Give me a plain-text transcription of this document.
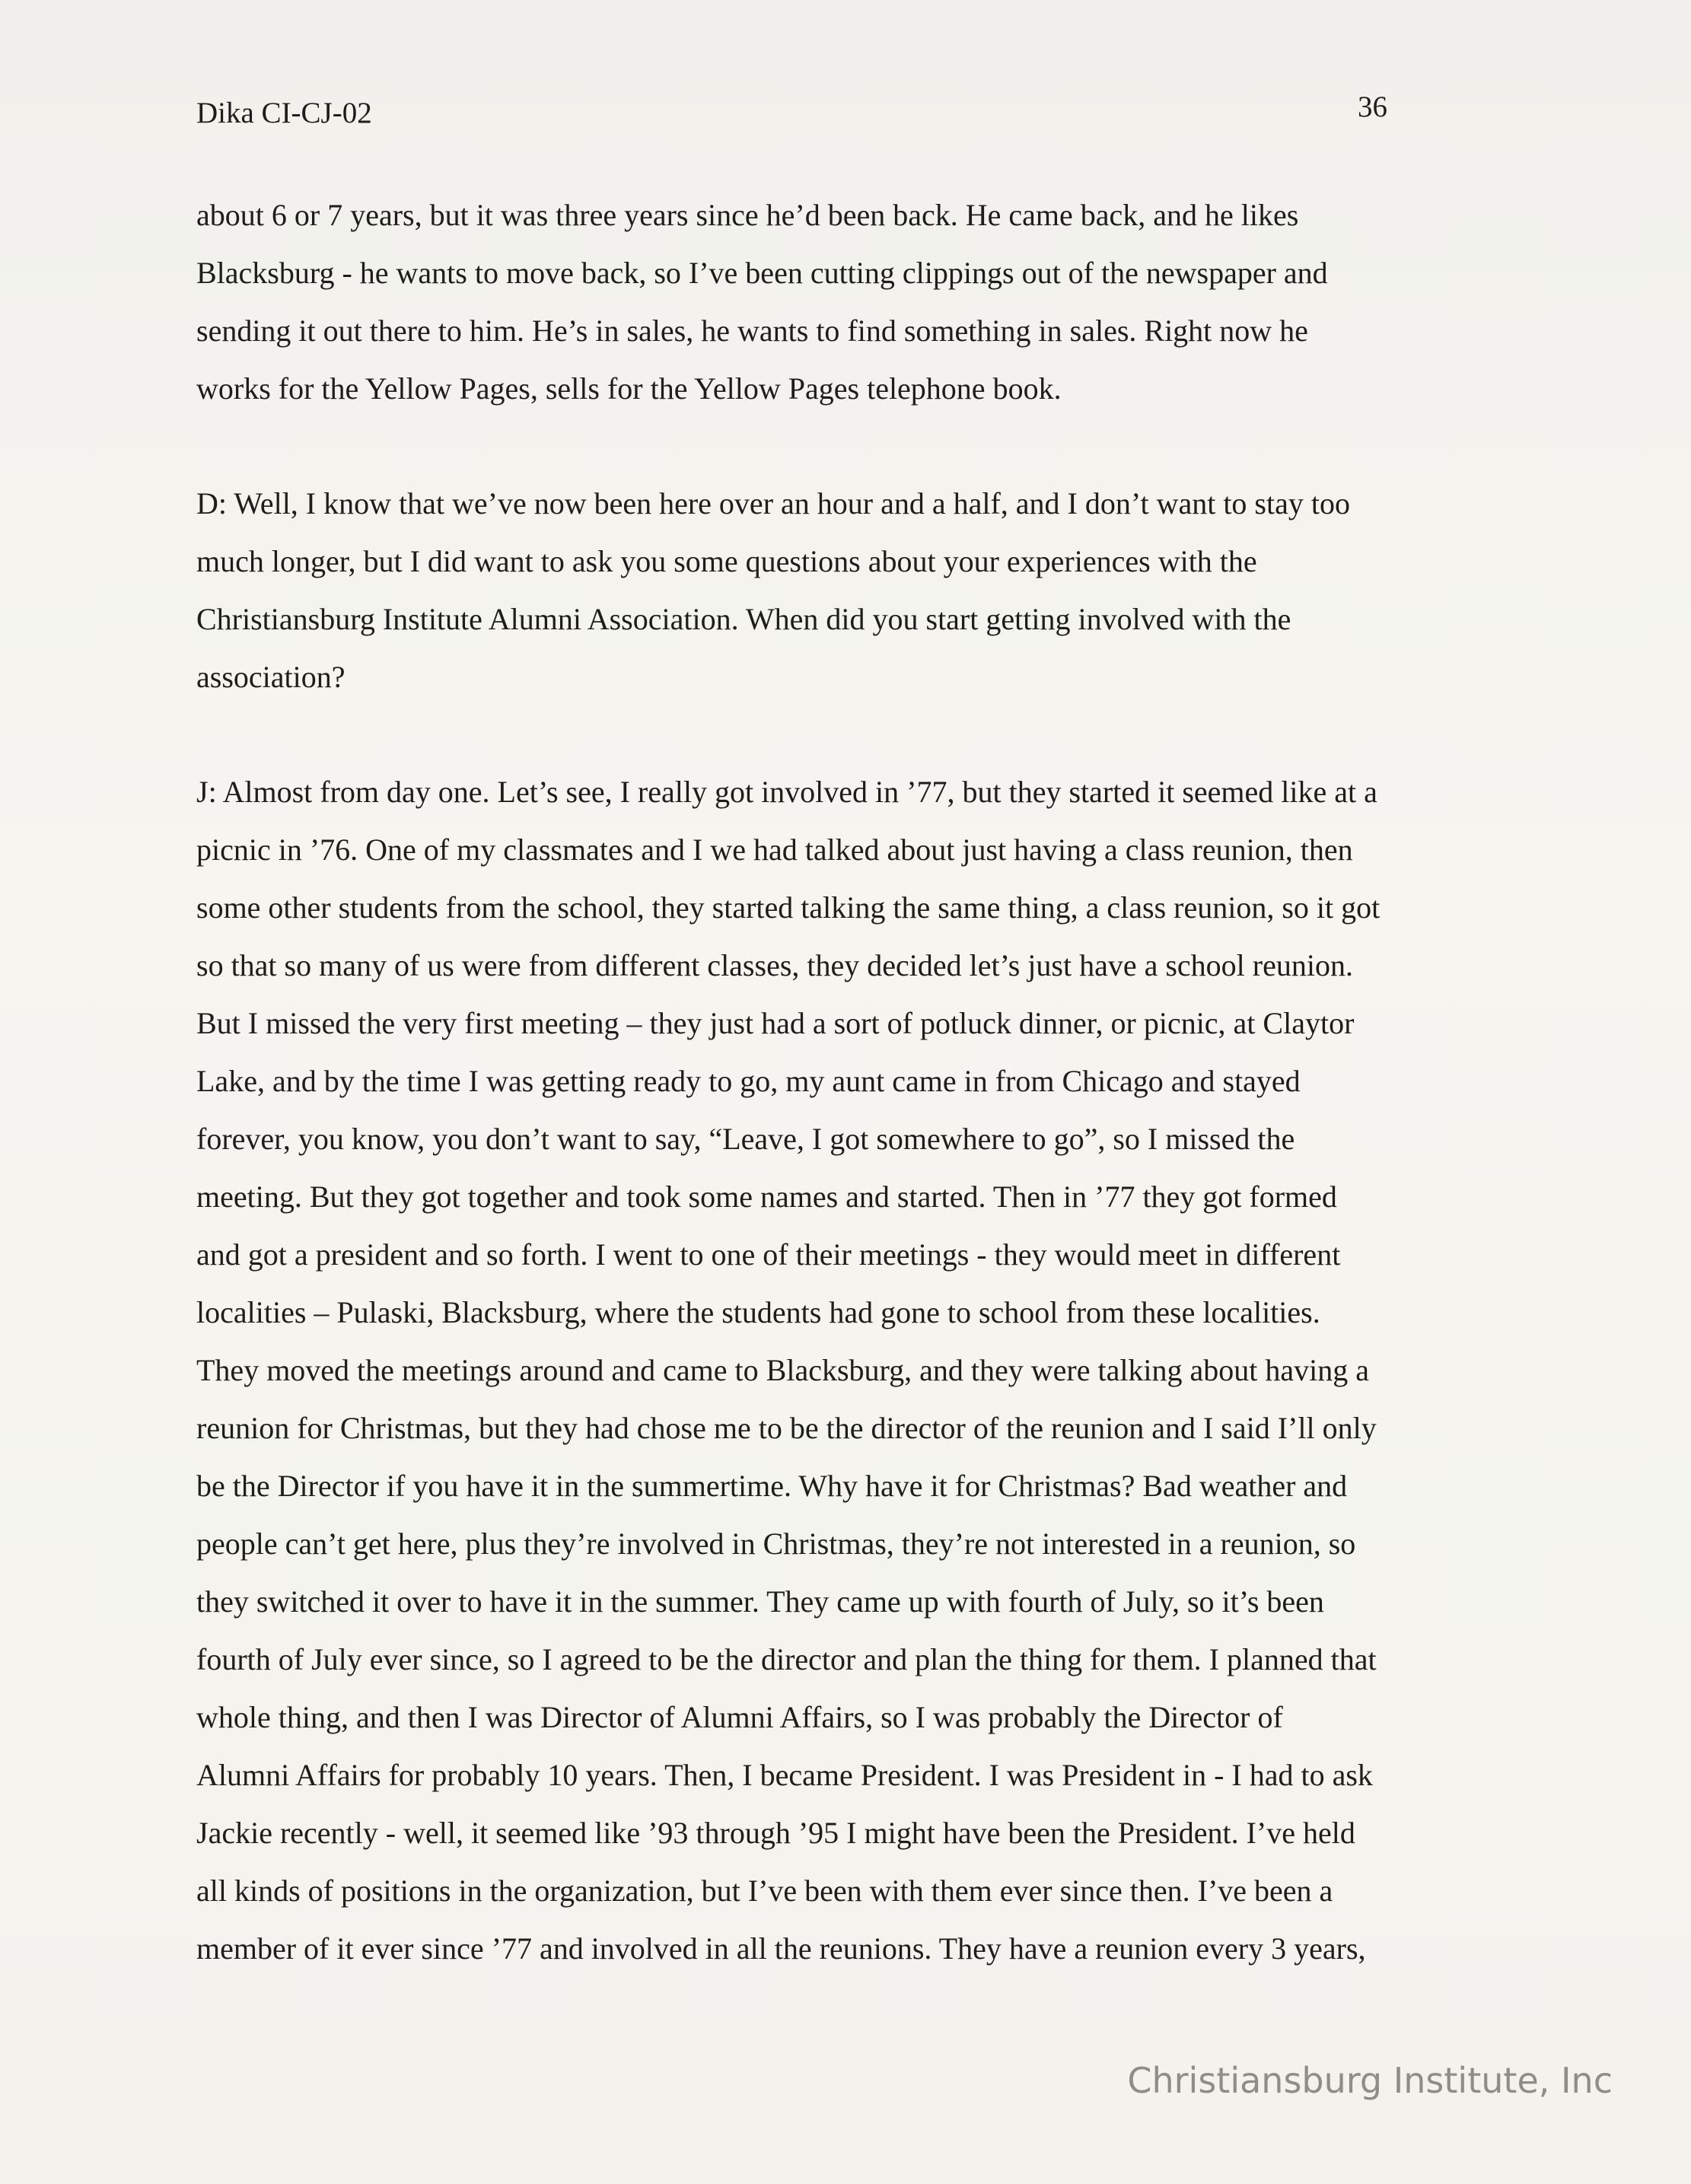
Dika CI-CJ-02	36
about 6 or 7 years, but it was three years since he’d been back. He came back, and he likes
Blacksburg - he wants to move back, so I’ve been cutting clippings out of the newspaper and
sending it out there to him. He’s in sales, he wants to find something in sales. Right now he
works for the Yellow Pages, sells for the Yellow Pages telephone book.
D: Well, I know that we’ve now been here over an hour and a half, and I don’t want to stay too
much longer, but I did want to ask you some questions about your experiences with the
Christiansburg Institute Alumni Association. When did you start getting involved with the
association?
J: Almost from day one. Let’s see, I really got involved in ’77, but they started it seemed like at a
picnic in ’76. One of my classmates and I we had talked about just having a class reunion, then
some other students from the school, they started talking the same thing, a class reunion, so it got
so that so many of us were from different classes, they decided let’s just have a school reunion.
But I missed the very first meeting – they just had a sort of potluck dinner, or picnic, at Claytor
Lake, and by the time I was getting ready to go, my aunt came in from Chicago and stayed
forever, you know, you don’t want to say, “Leave, I got somewhere to go”, so I missed the
meeting. But they got together and took some names and started. Then in ’77 they got formed
and got a president and so forth. I went to one of their meetings - they would meet in different
localities – Pulaski, Blacksburg, where the students had gone to school from these localities.
They moved the meetings around and came to Blacksburg, and they were talking about having a
reunion for Christmas, but they had chose me to be the director of the reunion and I said I’ll only
be the Director if you have it in the summertime. Why have it for Christmas? Bad weather and
people can’t get here, plus they’re involved in Christmas, they’re not interested in a reunion, so
they switched it over to have it in the summer. They came up with fourth of July, so it’s been
fourth of July ever since, so I agreed to be the director and plan the thing for them. I planned that
whole thing, and then I was Director of Alumni Affairs, so I was probably the Director of
Alumni Affairs for probably 10 years. Then, I became President. I was President in - I had to ask
Jackie recently - well, it seemed like ’93 through ’95 I might have been the President. I’ve held
all kinds of positions in the organization, but I’ve been with them ever since then. I’ve been a
member of it ever since ’77 and involved in all the reunions. They have a reunion every 3 years,
Christiansburg Institute, Inc
